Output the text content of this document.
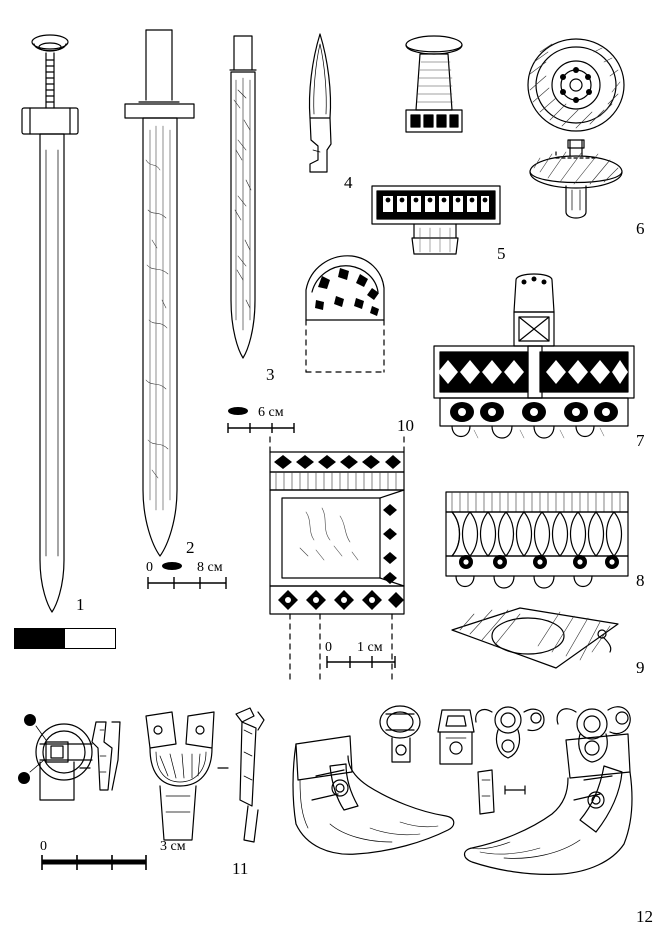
1
2
3
4
5
6
7
8
9
10
11
12
6 см
8 см
0
1 см
0
3 см
0
